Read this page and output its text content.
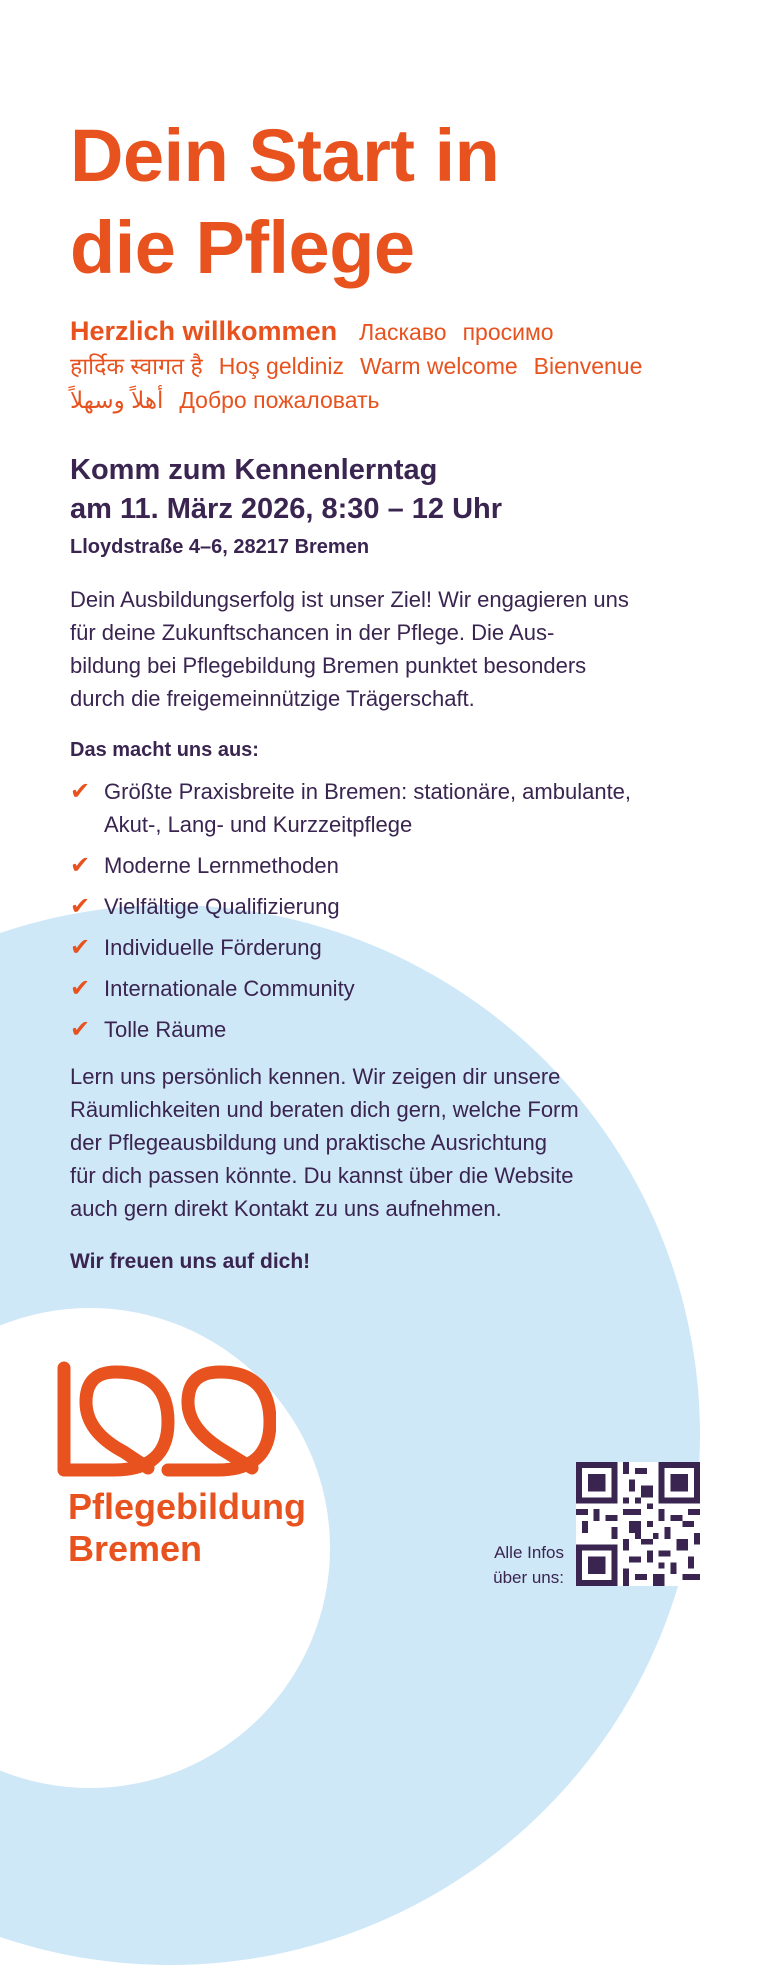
Dein Start in
die Pflege
Herzlich willkommen Ласкаво просимо
हार्दिक स्वागत है Hoş geldiniz Warm welcome Bienvenue
أهلاً وسهلاً Добро пожаловать
Komm zum Kennenlerntag
am 11. März 2026, 8:30 – 12 Uhr
Lloydstraße 4–6, 28217 Bremen

Dein Ausbildungserfolg ist unser Ziel! Wir engagieren uns
für deine Zukunftschancen in der Pflege. Die Aus-
bildung bei Pflegebildung Bremen punktet besonders
durch die freigemeinnützige Trägerschaft.

Das macht uns aus:
✔ Größte Praxisbreite in Bremen: stationäre, ambulante,
Akut-, Lang- und Kurzzeitpflege
✔ Moderne Lernmethoden
✔ Vielfältige Qualifizierung
✔ Individuelle Förderung
✔ Internationale Community
✔ Tolle Räume

Lern uns persönlich kennen. Wir zeigen dir unsere
Räumlichkeiten und beraten dich gern, welche Form
der Pflegeausbildung und praktische Ausrichtung
für dich passen könnte. Du kannst über die Website
auch gern direkt Kontakt zu uns aufnehmen.

Wir freuen uns auf dich!
Pflegebildung
Bremen	Alle Infos
über uns:
